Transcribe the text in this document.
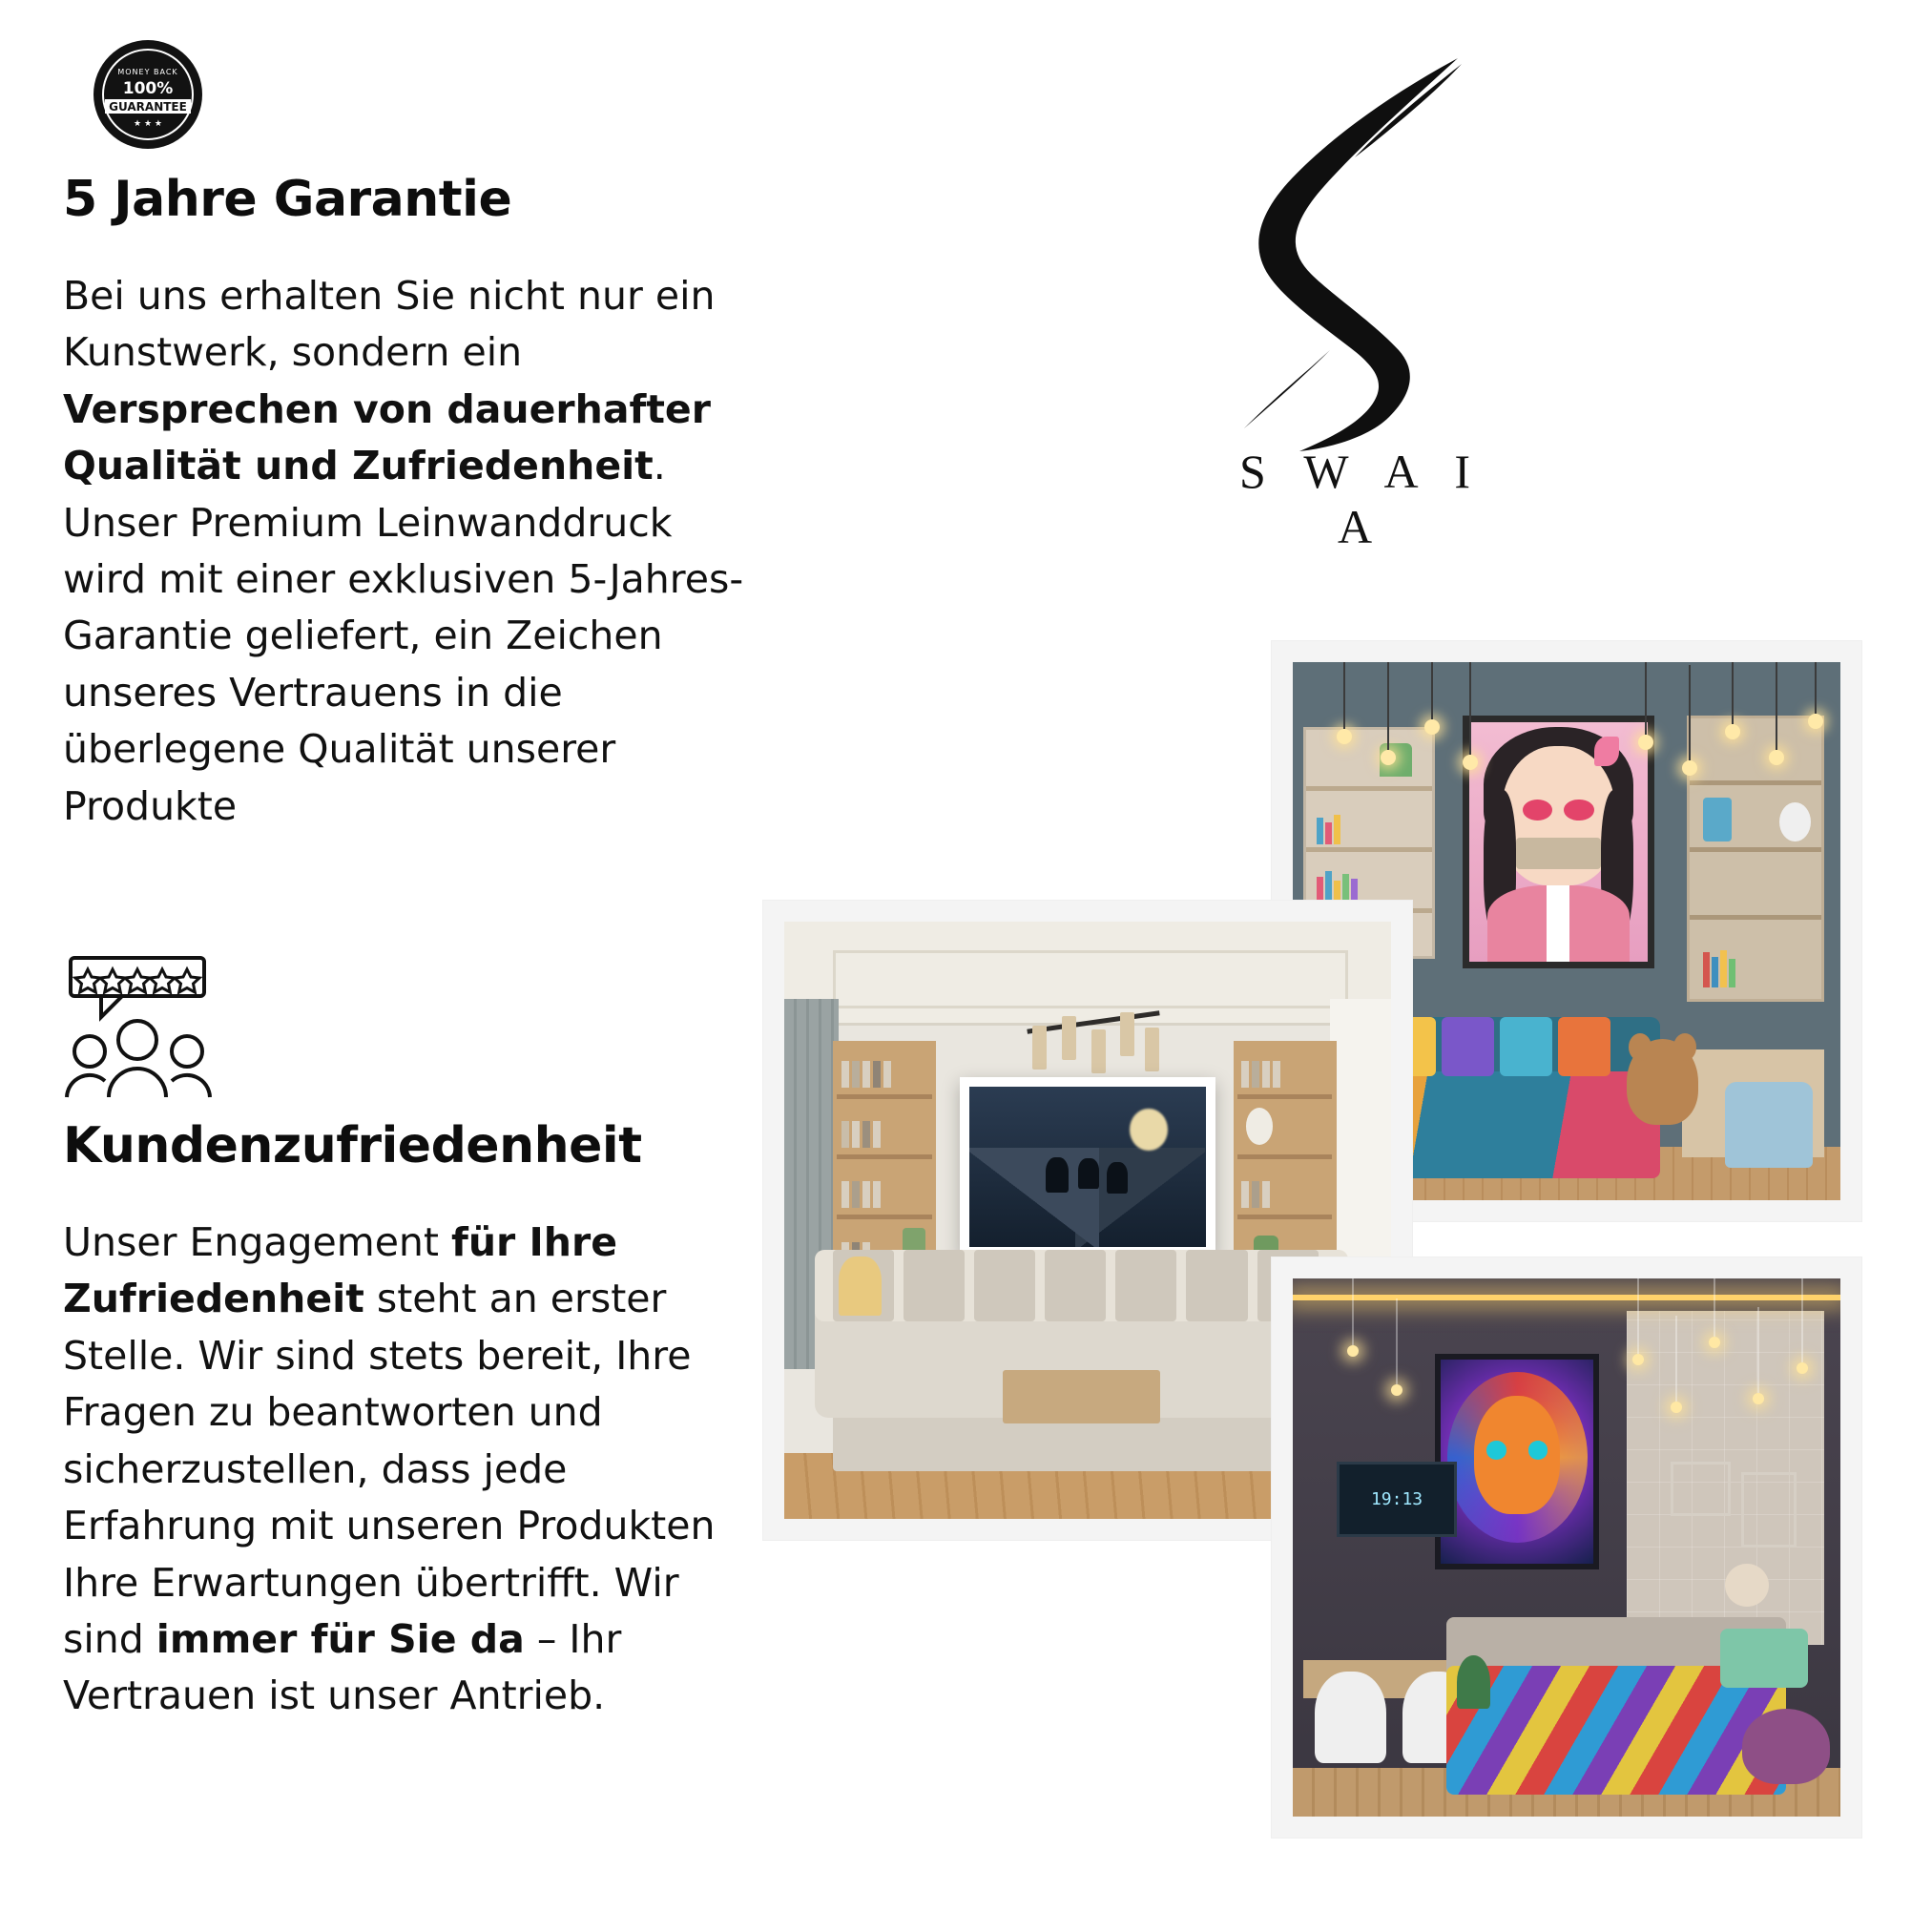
MONEY BACK
100%
GUARANTEE
★ ★ ★
5 Jahre Garantie

Bei uns erhalten Sie nicht nur ein Kunstwerk, sondern ein Versprechen von dauerhafter Qualität und Zufriedenheit. Unser Premium Leinwanddruck wird mit einer exklusiven 5-Jahres-Garantie geliefert, ein Zeichen unseres Vertrauens in die überlegene Qualität unserer Produkte

Kundenzufriedenheit

Unser Engagement für Ihre Zufriedenheit steht an erster Stelle. Wir sind stets bereit, Ihre Fragen zu beantworten und sicherzustellen, dass jede Erfahrung mit unseren Produkten Ihre Erwartungen übertrifft. Wir sind immer für Sie da – Ihr Vertrauen ist unser Antrieb.

S W A I A
19:13
